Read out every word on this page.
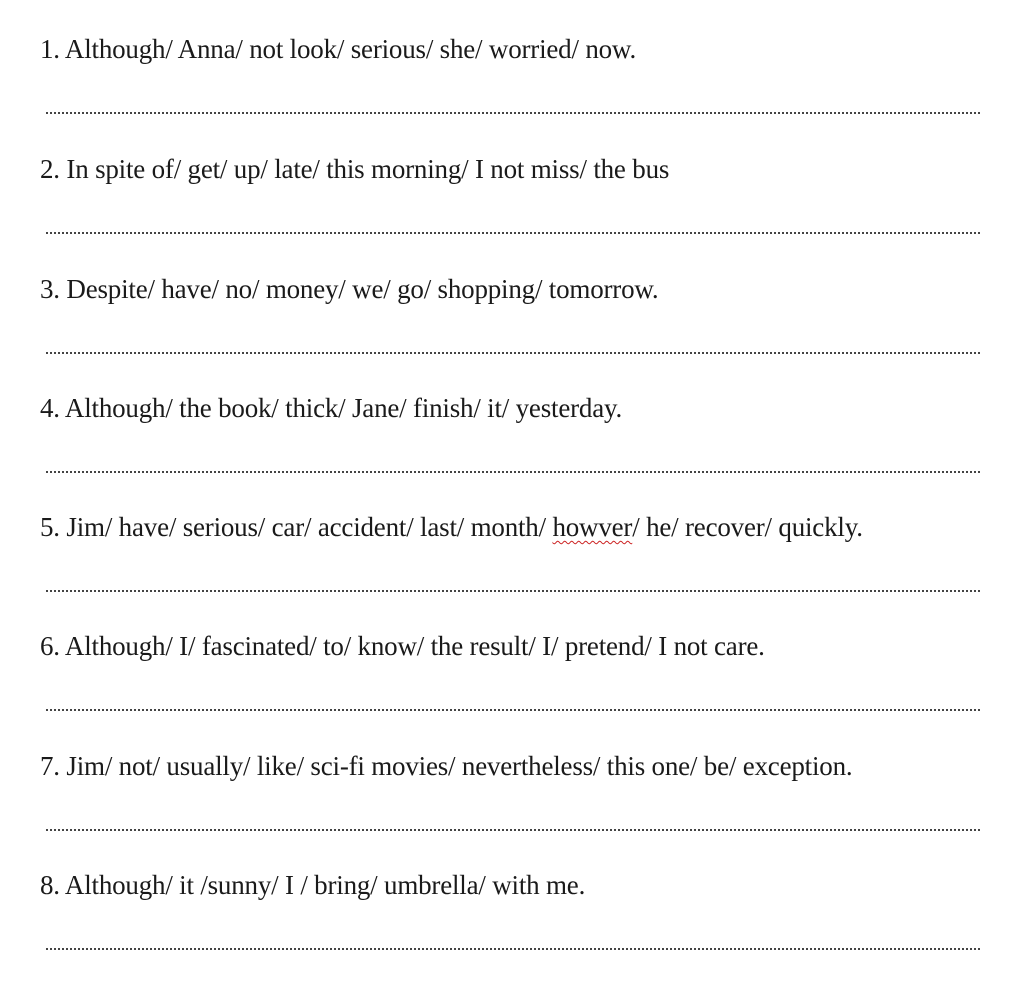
1. Although/ Anna/ not look/ serious/ she/ worried/ now.
2. In spite of/ get/ up/ late/ this morning/ I not miss/ the bus
3. Despite/ have/ no/ money/ we/ go/ shopping/ tomorrow.
4. Although/ the book/ thick/ Jane/ finish/ it/ yesterday.
5. Jim/ have/ serious/ car/ accident/ last/ month/ howver/ he/ recover/ quickly.
6. Although/ I/ fascinated/ to/ know/ the result/ I/ pretend/ I not care.
7. Jim/ not/ usually/ like/ sci-fi movies/ nevertheless/ this one/ be/ exception.
8. Although/ it /sunny/ I / bring/ umbrella/ with me.
